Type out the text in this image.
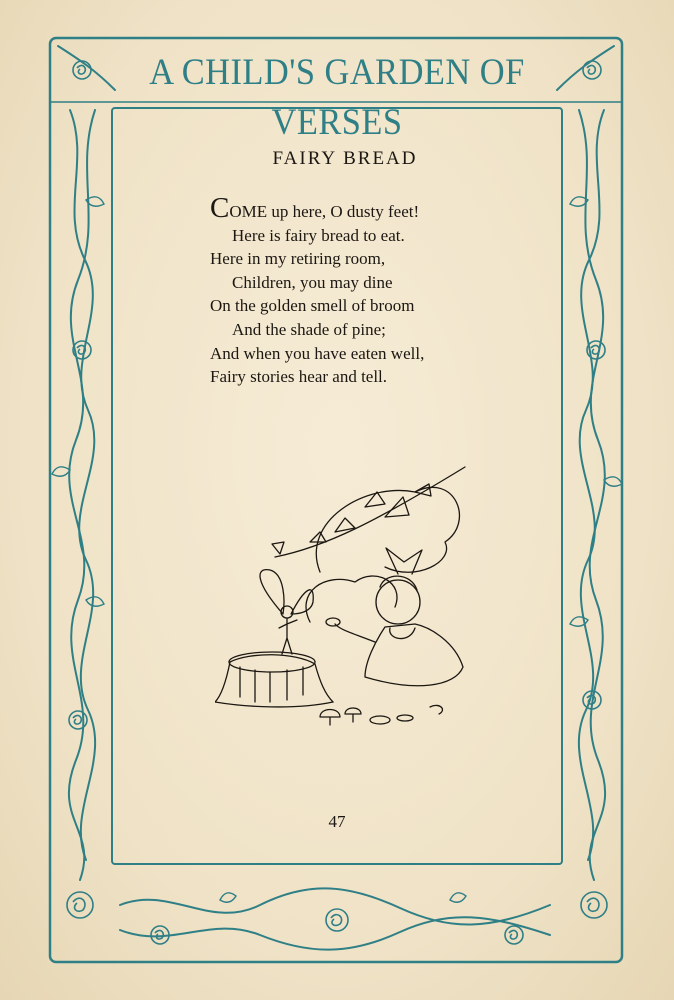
A CHILD'S GARDEN OF VERSES
FAIRY BREAD
COME up here, O dusty feet!
Here is fairy bread to eat.
Here in my retiring room,
Children, you may dine
On the golden smell of broom
And the shade of pine;
And when you have eaten well,
Fairy stories hear and tell.
47
